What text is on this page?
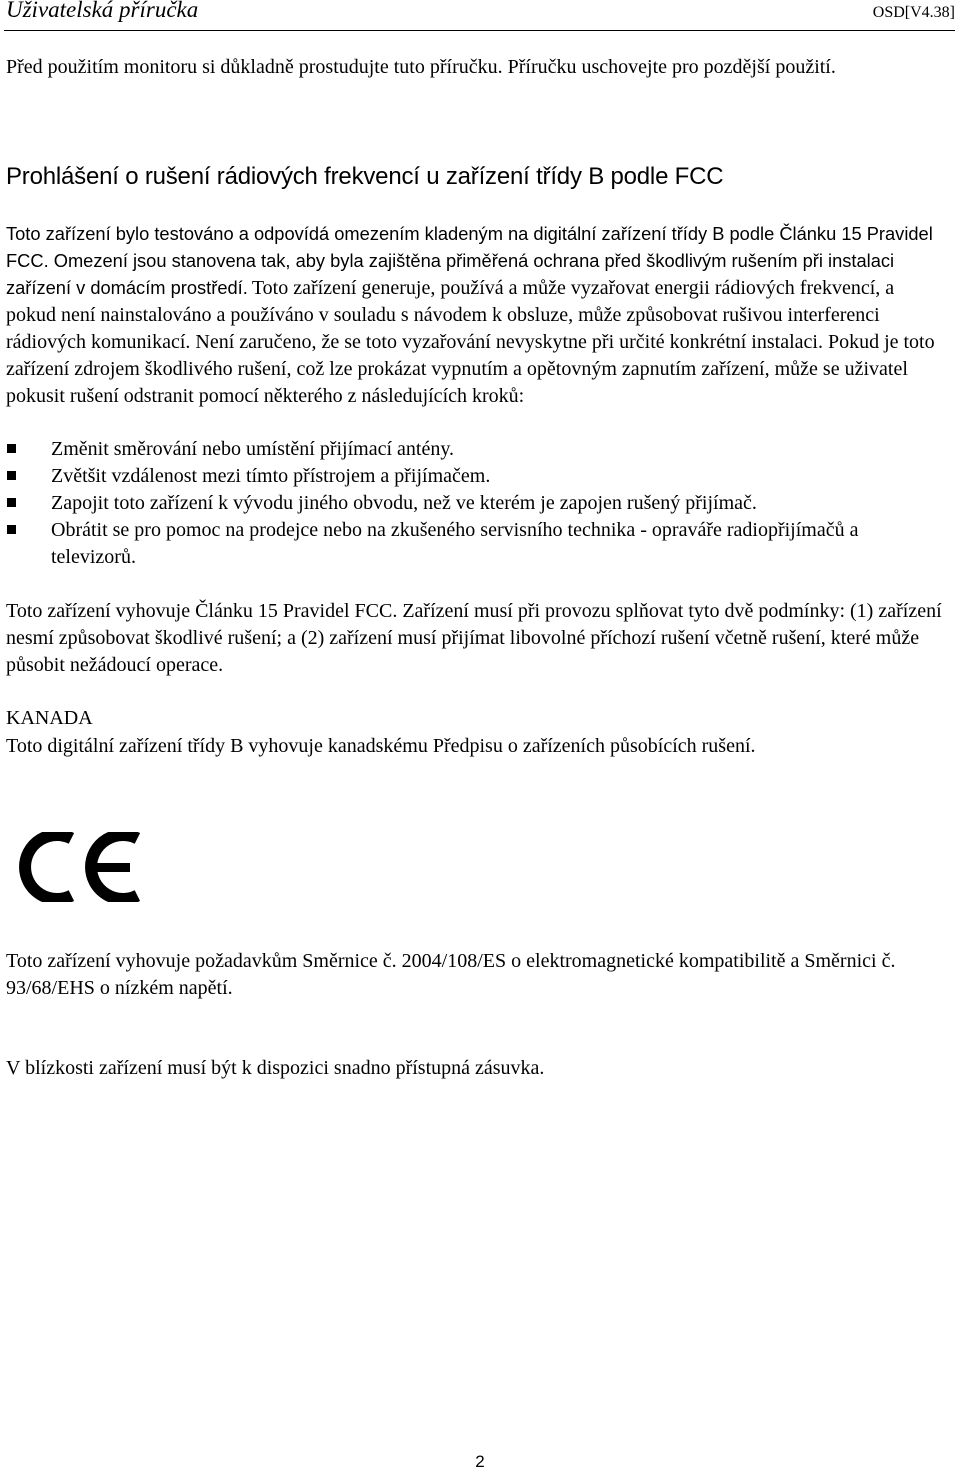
Uživatelská příručka	OSD[V4.38]

Před použitím monitoru si důkladně prostudujte tuto příručku. Příručku uschovejte pro pozdější použití.

Prohlášení o rušení rádiových frekvencí u zařízení třídy B podle FCC

Toto zařízení bylo testováno a odpovídá omezením kladeným na digitální zařízení třídy B podle Článku 15 Pravidel FCC. Omezení jsou stanovena tak, aby byla zajištěna přiměřená ochrana před škodlivým rušením při instalaci zařízení v domácím prostředí. Toto zařízení generuje, používá a může vyzařovat energii rádiových frekvencí, a pokud není nainstalováno a používáno v souladu s návodem k obsluze, může způsobovat rušivou interferenci rádiových komunikací. Není zaručeno, že se toto vyzařování nevyskytne při určité konkrétní instalaci. Pokud je toto zařízení zdrojem škodlivého rušení, což lze prokázat vypnutím a opětovným zapnutím zařízení, může se uživatel pokusit rušení odstranit pomocí některého z následujících kroků:

Změnit směrování nebo umístění přijímací antény.
Zvětšit vzdálenost mezi tímto přístrojem a přijímačem.
Zapojit toto zařízení k vývodu jiného obvodu, než ve kterém je zapojen rušený přijímač.
Obrátit se pro pomoc na prodejce nebo na zkušeného servisního technika - opraváře radiopřijímačů a televizorů.

Toto zařízení vyhovuje Článku 15 Pravidel FCC. Zařízení musí při provozu splňovat tyto dvě podmínky: (1) zařízení nesmí způsobovat škodlivé rušení; a (2) zařízení musí přijímat libovolné příchozí rušení včetně rušení, které může působit nežádoucí operace.

KANADA

Toto digitální zařízení třídy B vyhovuje kanadskému Předpisu o zařízeních působících rušení.

Toto zařízení vyhovuje požadavkům Směrnice č. 2004/108/ES o elektromagnetické kompatibilitě a Směrnici č. 93/68/EHS o nízkém napětí.

V blízkosti zařízení musí být k dispozici snadno přístupná zásuvka.

2
